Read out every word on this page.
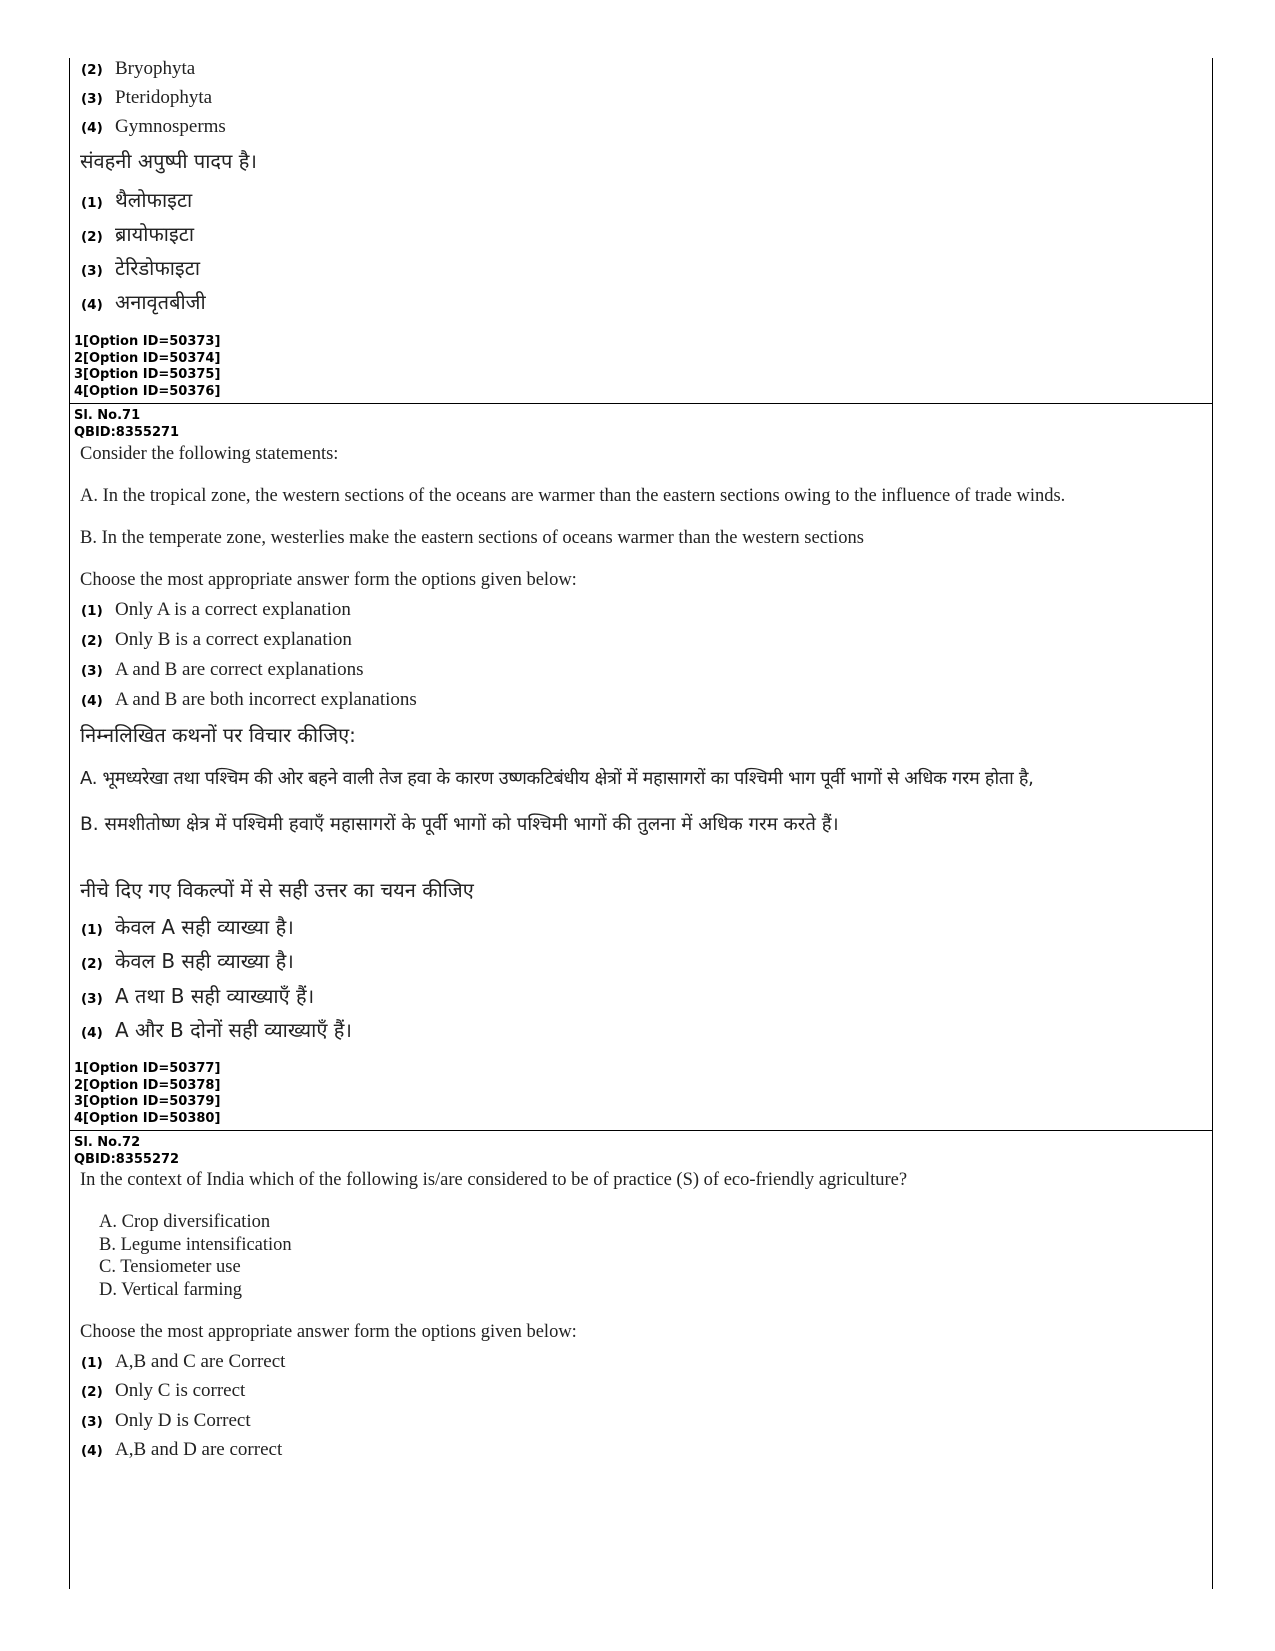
(2) Bryophyta
(3) Pteridophyta
(4) Gymnosperms
संवहनी अपुष्पी पादप है।
(1) थैलोफाइटा
(2) ब्रायोफाइटा
(3) टेरिडोफाइटा
(4) अनावृतबीजी
1[Option ID=50373]
2[Option ID=50374]
3[Option ID=50375]
4[Option ID=50376]
Sl. No.71
QBID:8355271
Consider the following statements:
A. In the tropical zone, the western sections of the oceans are warmer than the eastern sections owing to the influence of trade winds.
B. In the temperate zone, westerlies make the eastern sections of oceans warmer than the western sections
Choose the most appropriate answer form the options given below:
(1) Only A is a correct explanation
(2) Only B is a correct explanation
(3) A and B are correct explanations
(4) A and B are both incorrect explanations
निम्नलिखित कथनों पर विचार कीजिए:
A. भूमध्यरेखा तथा पश्चिम की ओर बहने वाली तेज हवा के कारण उष्णकटिबंधीय क्षेत्रों में महासागरों का पश्चिमी भाग पूर्वी भागों से अधिक गरम होता है,
B. समशीतोष्ण क्षेत्र में पश्चिमी हवाएँ महासागरों के पूर्वी भागों को पश्चिमी भागों की तुलना में अधिक गरम करते हैं।
नीचे दिए गए विकल्पों में से सही उत्तर का चयन कीजिए
(1) केवल A सही व्याख्या है।
(2) केवल B सही व्याख्या है।
(3) A तथा B सही व्याख्याएँ हैं।
(4) A और B दोनों सही व्याख्याएँ हैं।
1[Option ID=50377]
2[Option ID=50378]
3[Option ID=50379]
4[Option ID=50380]
Sl. No.72
QBID:8355272
In the context of India which of the following is/are considered to be of practice (S) of eco-friendly agriculture?
A. Crop diversification
B. Legume intensification
C. Tensiometer use
D. Vertical farming
Choose the most appropriate answer form the options given below:
(1) A,B and C are Correct
(2) Only C is correct
(3) Only D is Correct
(4) A,B and D are correct
